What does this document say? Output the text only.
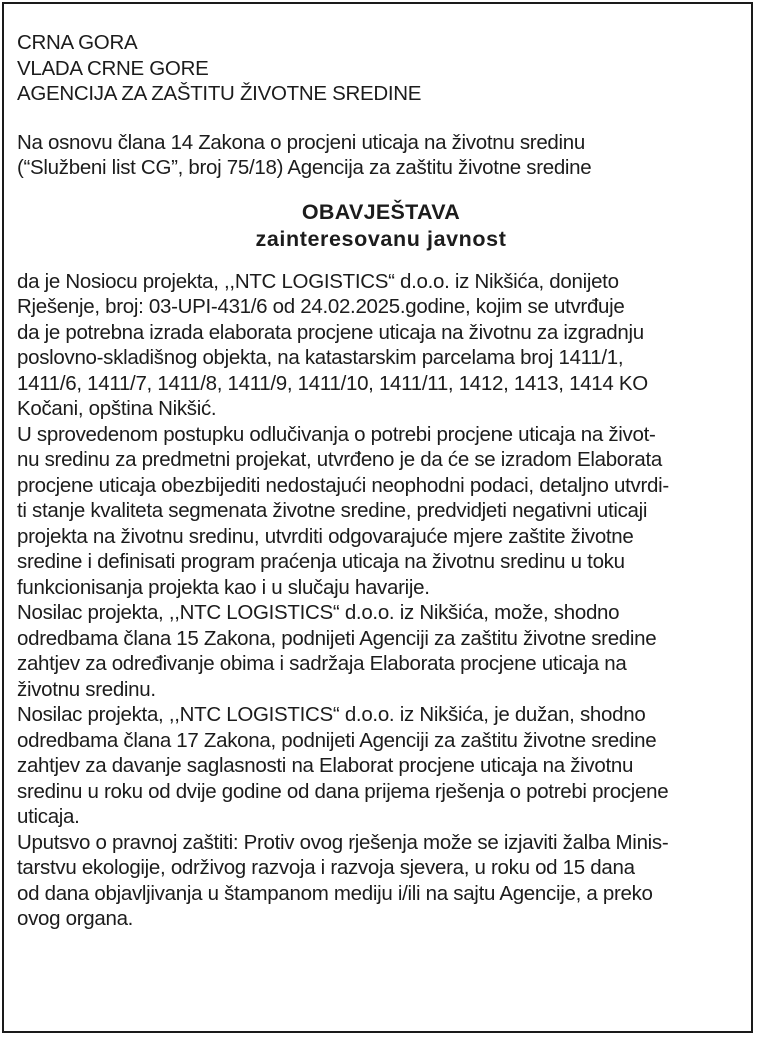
CRNA GORA
VLADA CRNE GORE
AGENCIJA ZA ZAŠTITU ŽIVOTNE SREDINE
Na osnovu člana 14 Zakona o procjeni uticaja na životnu sredinu
(“Službeni list CG”, broj 75/18) Agencija za zaštitu životne sredine
OBAVJEŠTAVA
zainteresovanu javnost
da je Nosiocu projekta, ,,NTC LOGISTICS“ d.o.o. iz Nikšića, donijeto
Rješenje, broj: 03-UPI-431/6 od 24.02.2025.godine, kojim se utvrđuje
da je potrebna izrada elaborata procjene uticaja na životnu za izgradnju
poslovno-skladišnog objekta, na katastarskim parcelama broj 1411/1,
1411/6, 1411/7, 1411/8, 1411/9, 1411/10, 1411/11, 1412, 1413, 1414 KO
Kočani, opština Nikšić.
U sprovedenom postupku odlučivanja o potrebi procjene uticaja na život-
nu sredinu za predmetni projekat, utvrđeno je da će se izradom Elaborata
procjene uticaja obezbijediti nedostajući neophodni podaci, detaljno utvrdi-
ti stanje kvaliteta segmenata životne sredine, predvidjeti negativni uticaji
projekta na životnu sredinu, utvrditi odgovarajuće mjere zaštite životne
sredine i definisati program praćenja uticaja na životnu sredinu u toku
funkcionisanja projekta kao i u slučaju havarije.
Nosilac projekta, ,,NTC LOGISTICS“ d.o.o. iz Nikšića, može, shodno
odredbama člana 15 Zakona, podnijeti Agenciji za zaštitu životne sredine
zahtjev za određivanje obima i sadržaja Elaborata procjene uticaja na
životnu sredinu.
Nosilac projekta, ,,NTC LOGISTICS“ d.o.o. iz Nikšića, je dužan, shodno
odredbama člana 17 Zakona, podnijeti Agenciji za zaštitu životne sredine
zahtjev za davanje saglasnosti na Elaborat procjene uticaja na životnu
sredinu u roku od dvije godine od dana prijema rješenja o potrebi procjene
uticaja.
Uputsvo o pravnoj zaštiti: Protiv ovog rješenja može se izjaviti žalba Minis-
tarstvu ekologije, održivog razvoja i razvoja sjevera, u roku od 15 dana
od dana objavljivanja u štampanom mediju i/ili na sajtu Agencije, a preko
ovog organa.
